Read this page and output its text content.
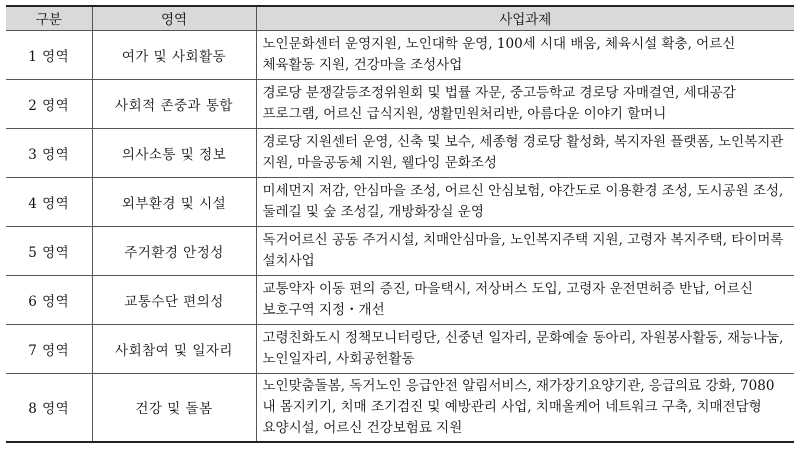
구분	영역	사업과제
1 영역	여가 및 사회활동	노인문화센터 운영지원, 노인대학 운영, 100세 시대 배움, 체육시설 확충, 어르신 체육활동 지원, 건강마을 조성사업
2 영역	사회적 존중과 통합	경로당 분쟁갈등조정위원회 및 법률 자문, 중고등학교 경로당 자매결연, 세대공감 프로그램, 어르신 급식지원, 생활민원처리반, 아름다운 이야기 할머니
3 영역	의사소통 및 정보	경로당 지원센터 운영, 신축 및 보수, 세종형 경로당 활성화, 복지자원 플랫폼, 노인복지관 지원, 마을공동체 지원, 웰다잉 문화조성
4 영역	외부환경 및 시설	미세먼지 저감, 안심마을 조성, 어르신 안심보험, 야간도로 이용환경 조성, 도시공원 조성, 둘레길 및 숲 조성길, 개방화장실 운영
5 영역	주거환경 안정성	독거어르신 공동 주거시설, 치매안심마을, 노인복지주택 지원, 고령자 복지주택, 타이머록 설치사업
6 영역	교통수단 편의성	교통약자 이동 편의 증진, 마을택시, 저상버스 도입, 고령자 운전면허증 반납, 어르신 보호구역 지정・개선
7 영역	사회참여 및 일자리	고령친화도시 정책모니터링단, 신중년 일자리, 문화예술 동아리, 자원봉사활동, 재능나눔, 노인일자리, 사회공헌활동
8 영역	건강 및 돌봄	노인맞춤돌봄, 독거노인 응급안전 알림서비스, 재가장기요양기관, 응급의료 강화, 7080 내 몸지키기, 치매 조기검진 및 예방관리 사업, 치매올케어 네트워크 구축, 치매전담형 요양시설, 어르신 건강보험료 지원
